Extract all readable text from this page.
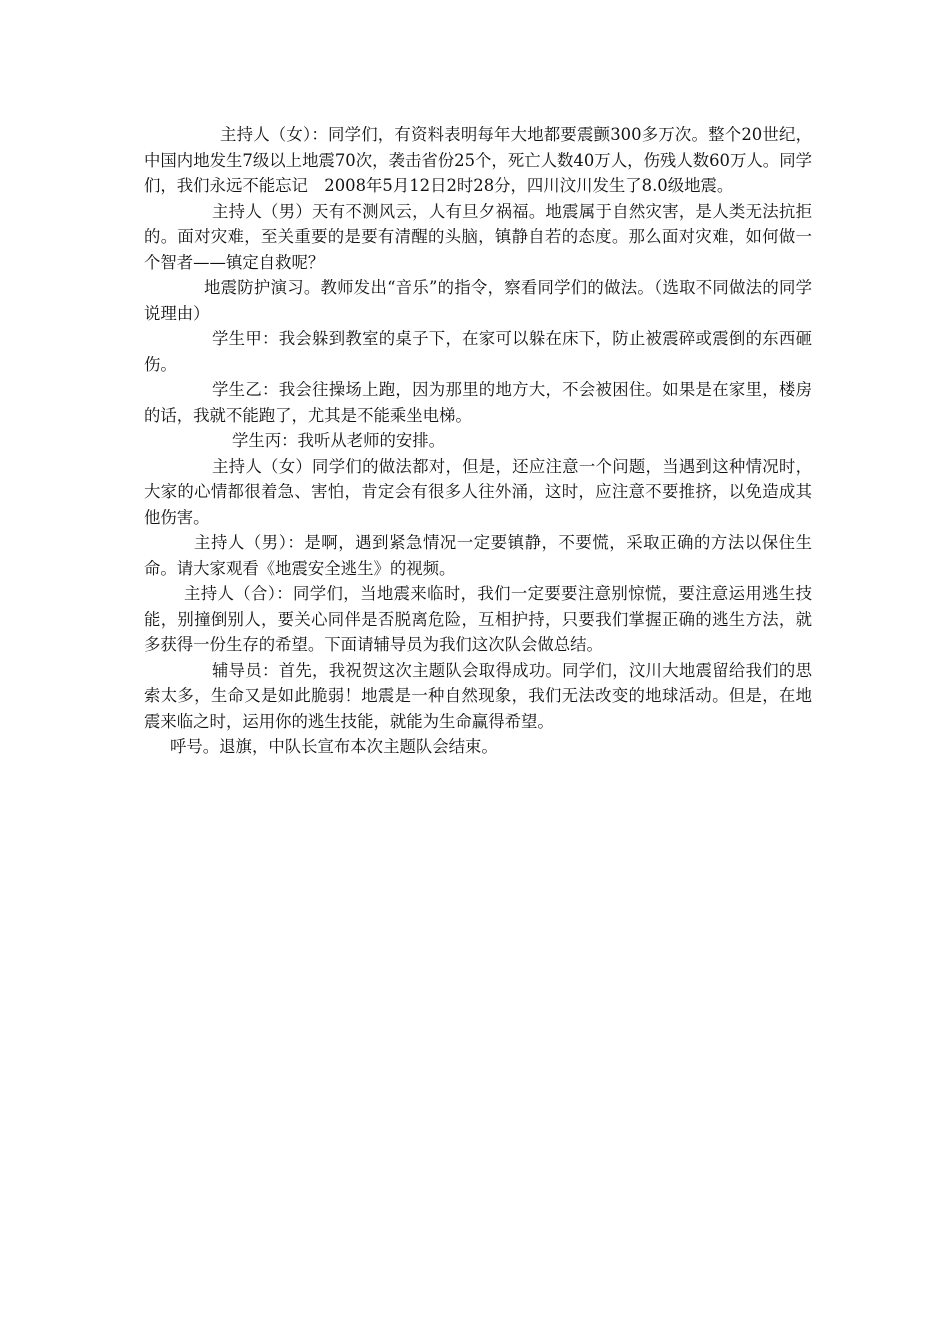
主持人（女）：同学们，有资料表明每年大地都要震颤300多万次。整个20世纪，中国内地发生7级以上地震70次，袭击省份25个，死亡人数40万人，伤残人数60万人。同学们，我们永远不能忘记　2008年5月12日2时28分，四川汶川发生了8.0级地震。

主持人（男）天有不测风云，人有旦夕祸福。地震属于自然灾害，是人类无法抗拒的。面对灾难，至关重要的是要有清醒的头脑，镇静自若的态度。那么面对灾难，如何做一个智者——镇定自救呢？

地震防护演习。教师发出“音乐”的指令，察看同学们的做法。（选取不同做法的同学说理由）

学生甲：我会躲到教室的桌子下，在家可以躲在床下，防止被震碎或震倒的东西砸伤。

学生乙：我会往操场上跑，因为那里的地方大，不会被困住。如果是在家里，楼房的话，我就不能跑了，尤其是不能乘坐电梯。

学生丙：我听从老师的安排。

主持人（女）同学们的做法都对，但是，还应注意一个问题，当遇到这种情况时，大家的心情都很着急、害怕，肯定会有很多人往外涌，这时，应注意不要推挤，以免造成其他伤害。

主持人（男）：是啊，遇到紧急情况一定要镇静，不要慌，采取正确的方法以保住生命。请大家观看《地震安全逃生》的视频。

主持人（合）：同学们，当地震来临时，我们一定要要注意别惊慌，要注意运用逃生技能，别撞倒别人，要关心同伴是否脱离危险，互相护持，只要我们掌握正确的逃生方法，就多获得一份生存的希望。下面请辅导员为我们这次队会做总结。

辅导员：首先，我祝贺这次主题队会取得成功。同学们，汶川大地震留给我们的思索太多，生命又是如此脆弱！地震是一种自然现象，我们无法改变的地球活动。但是，在地震来临之时，运用你的逃生技能，就能为生命赢得希望。

呼号。退旗，中队长宣布本次主题队会结束。
